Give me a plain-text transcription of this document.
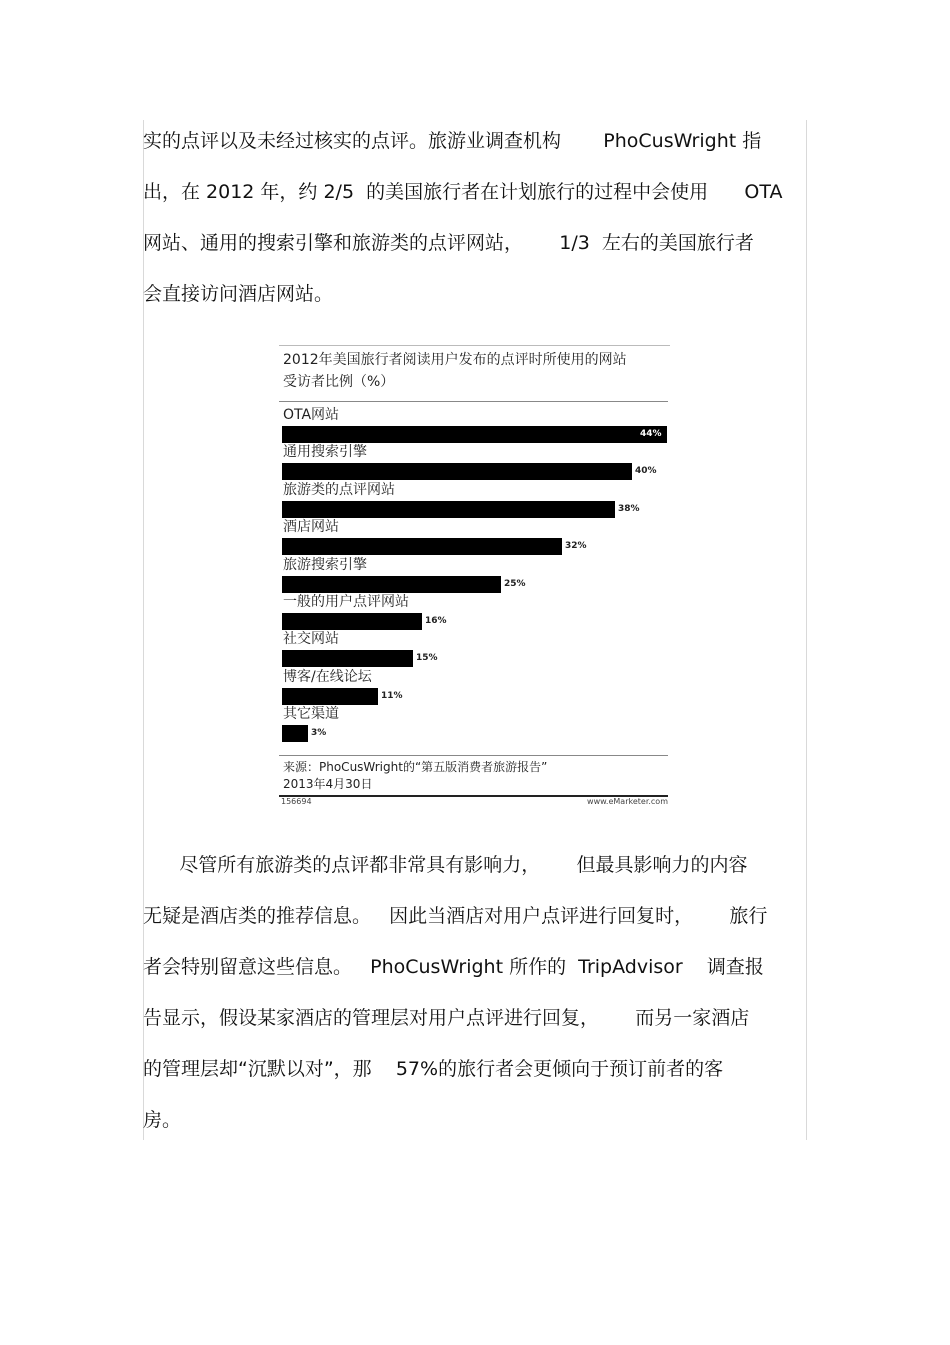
实的点评以及未经过核实的点评。旅游业调查机构       PhoCusWright 指
出，在 2012 年，约 2/5  的美国旅行者在计划旅行的过程中会使用      OTA
网站、通用的搜索引擎和旅游类的点评网站，      1/3  左右的美国旅行者
会直接访问酒店网站。
2012年美国旅行者阅读用户发布的点评时所使用的网站
受访者比例（%）
OTA网站
44%
通用搜索引擎
40%
旅游类的点评网站
38%
酒店网站
32%
旅游搜索引擎
25%
一般的用户点评网站
16%
社交网站
15%
博客/在线论坛
11%
其它渠道
3%
来源：PhoCusWright的“第五版消费者旅游报告”
2013年4月30日
156694	www.eMarketer.com
尽管所有旅游类的点评都非常具有影响力，      但最具影响力的内容
无疑是酒店类的推荐信息。   因此当酒店对用户点评进行回复时，      旅行
者会特别留意这些信息。   PhoCusWright 所作的  TripAdvisor    调查报
告显示，假设某家酒店的管理层对用户点评进行回复，      而另一家酒店
的管理层却“沉默以对”，那    57%的旅行者会更倾向于预订前者的客
房。
